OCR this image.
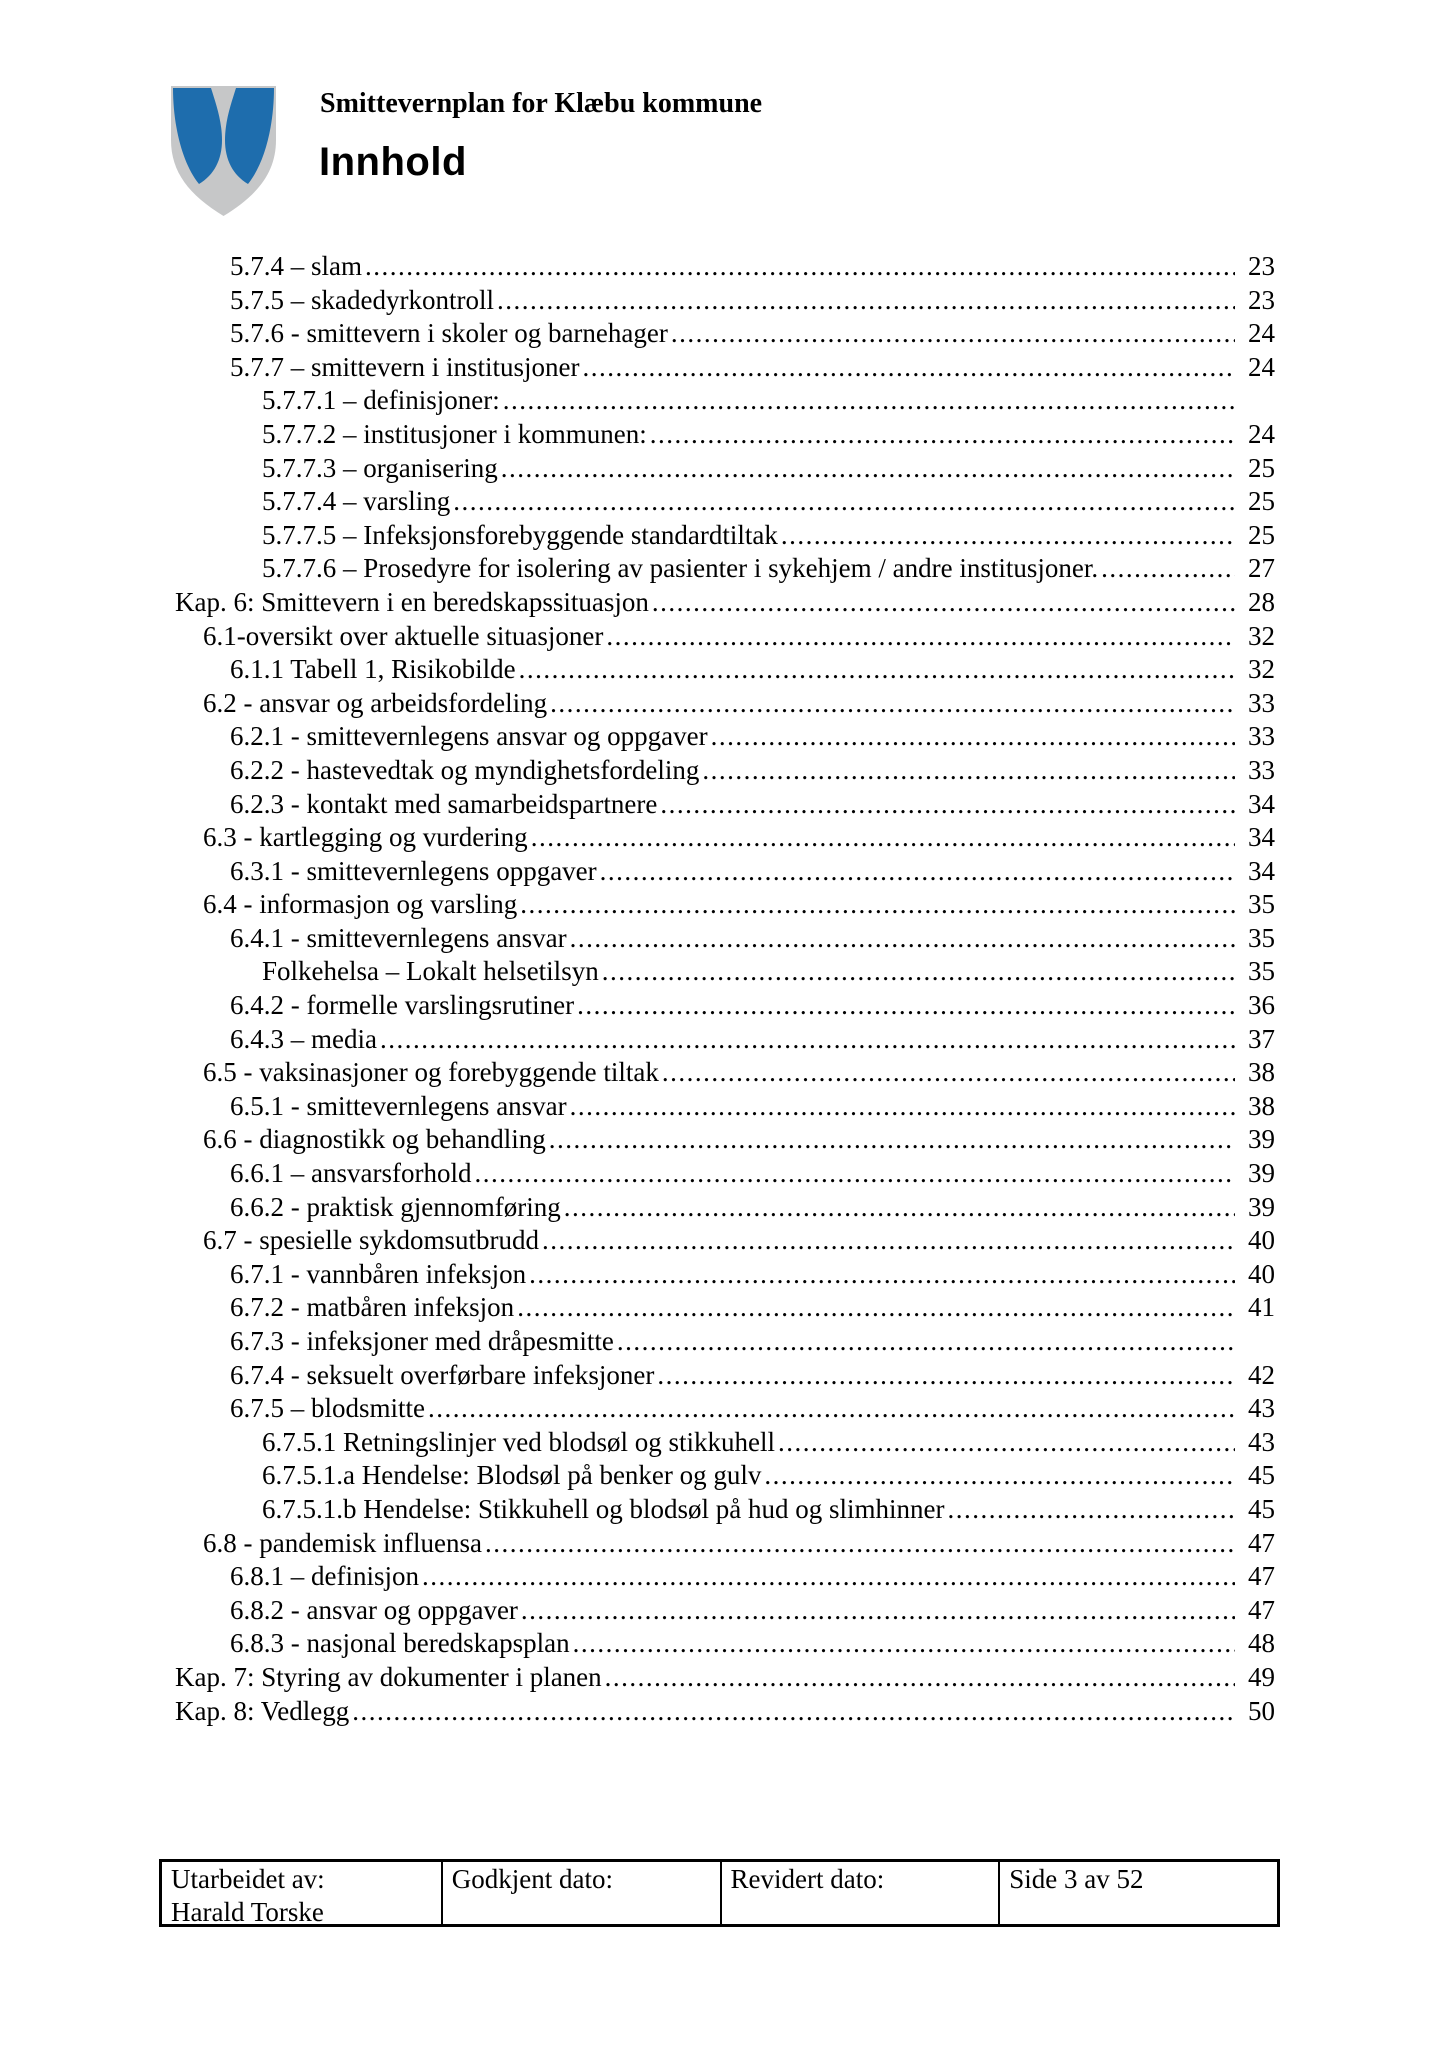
Smittevernplan for Klæbu kommune
Innhold
5.7.4 – slam .....	23
5.7.5 – skadedyrkontroll .....	23
5.7.6 - smittevern i skoler og barnehager .....	24
5.7.7 – smittevern i institusjoner .....	24
5.7.7.1 – definisjoner:
.....
5.7.7.2 – institusjoner i kommunen: .....	24
5.7.7.3 – organisering .....	25
5.7.7.4 – varsling .....	25
5.7.7.5 – Infeksjonsforebyggende standardtiltak .....	25
5.7.7.6 – Prosedyre for isolering av pasienter i sykehjem / andre institusjoner. .....	27
Kap. 6: Smittevern i en beredskapssituasjon .....	28
6.1-oversikt over aktuelle situasjoner .....	32
6.1.1 Tabell 1, Risikobilde .....	32
6.2 - ansvar og arbeidsfordeling .....	33
6.2.1 - smittevernlegens ansvar og oppgaver .....	33
6.2.2 - hastevedtak og myndighetsfordeling .....	33
6.2.3 - kontakt med samarbeidspartnere .....	34
6.3 - kartlegging og vurdering .....	34
6.3.1 - smittevernlegens oppgaver .....	34
6.4 - informasjon og varsling .....	35
6.4.1 - smittevernlegens ansvar .....	35
Folkehelsa – Lokalt helsetilsyn .....	35
6.4.2 - formelle varslingsrutiner .....	36
6.4.3 – media .....	37
6.5 - vaksinasjoner og forebyggende tiltak .....	38
6.5.1 - smittevernlegens ansvar .....	38
6.6 - diagnostikk og behandling .....	39
6.6.1 – ansvarsforhold .....	39
6.6.2 - praktisk gjennomføring .....	39
6.7 - spesielle sykdomsutbrudd .....	40
6.7.1 - vannbåren infeksjon .....	40
6.7.2 - matbåren infeksjon .....	41
6.7.3 - infeksjoner med dråpesmitte
.....
6.7.4 - seksuelt overførbare infeksjoner .....	42
6.7.5 – blodsmitte .....	43
6.7.5.1 Retningslinjer ved blodsøl og stikkuhell .....	43
6.7.5.1.a Hendelse: Blodsøl på benker og gulv .....	45
6.7.5.1.b Hendelse: Stikkuhell og blodsøl på hud og slimhinner .....	45
6.8 - pandemisk influensa .....	47
6.8.1 – definisjon .....	47
6.8.2 - ansvar og oppgaver .....	47
6.8.3 - nasjonal beredskapsplan .....	48
Kap. 7: Styring av dokumenter i planen .....	49
Kap. 8: Vedlegg .....	50
Utarbeidet av:
Harald Torske
Godkjent dato:	Revidert dato:	Side 3 av 52
